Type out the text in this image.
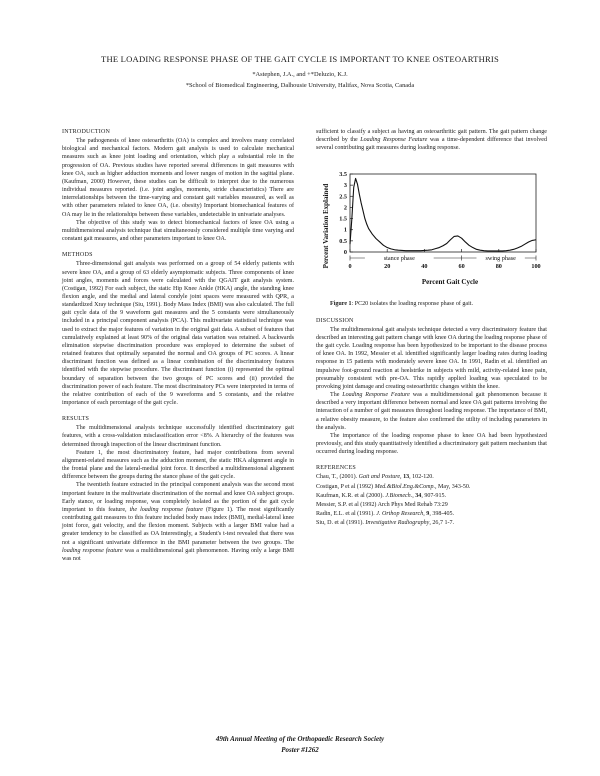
THE LOADING RESPONSE PHASE OF THE GAIT CYCLE IS IMPORTANT TO KNEE OSTEOARTHRIS
*Astephen, J.A., and +*Deluzio, K.J.
*School of Biomedical Engineering, Dalhousie University, Halifax, Nova Scotia, Canada
INTRODUCTION

The pathogenesis of knee osteoarthritis (OA) is complex and involves many correlated biological and mechanical factors. Modern gait analysis is used to calculate mechanical measures such as knee joint loading and orientation, which play a substantial role in the progression of OA. Previous studies have reported several differences in gait measures with knee OA, such as higher adduction moments and lower ranges of motion in the sagittal plane. (Kaufman, 2000) However, these studies can be difficult to interpret due to the numerous individual measures reported. (i.e. joint angles, moments, stride characteristics) There are interrelationships between the time-varying and constant gait variables measured, as well as with other parameters related to knee OA, (i.e. obesity) Important biomechanical features of OA may lie in the relationships between these variables, undetectable in univariate analyses.

The objective of this study was to detect biomechanical factors of knee OA using a multidimensional analysis technique that simultaneously considered multiple time varying and constant gait measures, and other parameters important to knee OA.

METHODS

Three-dimensional gait analysis was performed on a group of 54 elderly patients with severe knee OA, and a group of 63 elderly asymptomatic subjects. Three components of knee joint angles, moments and forces were calculated with the QGAIT gait analysis system. (Costigan, 1992) For each subject, the static Hip Knee Ankle (HKA) angle, the standing knee flexion angle, and the medial and lateral condyle joint spaces were measured with QPR, a standardized Xray technique (Siu, 1991). Body Mass Index (BMI) was also calculated. The full gait cycle data of the 9 waveform gait measures and the 5 constants were simultaneously included in a principal component analysis (PCA). This multivariate statistical technique was used to extract the major features of variation in the original gait data. A subset of features that cumulatively explained at least 90% of the original data variation was retained. A backwards elimination stepwise discrimination procedure was employed to determine the subset of retained features that optimally separated the normal and OA groups of PC scores. A linear discriminant function was defined as a linear combination of the discriminatory features identified with the stepwise procedure. The discriminant function (i) represented the optimal boundary of separation between the two groups of PC scores and (ii) provided the discrimination power of each feature. The most discriminatory PCs were interpreted in terms of the relative contribution of each of the 9 waveforms and 5 constants, and the relative importance of each percentage of the gait cycle.

RESULTS

The multidimensional analysis technique successfully identified discriminatory gait features, with a cross-validation misclassification error <8%. A hierarchy of the features was determined through inspection of the linear discriminant function.

Feature 1, the most discriminatory feature, had major contributions from several alignment-related measures such as the adduction moment, the static HKA alignment angle in the frontal plane and the lateral-medial joint force. It described a multidimensional alignment difference between the groups during the stance phase of the gait cycle.

The twentieth feature extracted in the principal component analysis was the second most important feature in the multivariate discrimination of the normal and knee OA subject groups. Early stance, or loading response, was completely isolated as the portion of the gait cycle important to this feature, the loading response feature (Figure 1). The most significantly contributing gait measures to this feature included body mass index (BMI), medial-lateral knee joint force, gait velocity, and the flexion moment. Subjects with a larger BMI value had a greater tendency to be classified as OA Interestingly, a Student's t-test revealed that there was not a significant univariate difference in the BMI parameter between the two groups. The loading response feature was a multidimensional gait phenomenon. Having only a large BMI was not

sufficient to classify a subject as having an osteoarthritic gait pattern. The gait pattern change described by the Loading Response Feature was a time-dependent difference that involved several contributing gait measures during loading response.

Percent Variation Explained
Percent Gait Cycle
0
0.5
1
1.5
2
2.5
3
3.5
0	20	40	60	80	100
stance phase	swing phase

Figure 1: PC20 isolates the loading response phase of gait.

DISCUSSION

The multidimensional gait analysis technique detected a very discriminatory feature that described an interesting gait pattern change with knee OA during the loading response phase of the gait cycle. Loading response has been hypothesized to be important to the disease process of knee OA. In 1992, Messier et al. identified significantly larger loading rates during loading response in 15 patients with moderately severe knee OA. In 1991, Radin et al. identified an impulsive foot-ground reaction at heelstrike in subjects with mild, activity-related knee pain, presumably consistent with pre-OA. This rapidly applied loading was speculated to be provoking joint damage and creating osteoarthritic changes within the knee.

The Loading Response Feature was a multidimensional gait phenomenon because it described a very important difference between normal and knee OA gait patterns involving the interaction of a number of gait measures throughout loading response. The importance of BMI, a relative obesity measure, to the feature also confirmed the utility of including parameters in the analysis.

The importance of the loading response phase to knee OA had been hypothesized previously, and this study quantitatively identified a discriminatory gait pattern mechanism that occurred during loading response.

REFERENCES

Chau, T., (2001). Gait and Posture, 13, 102-120.

Costigan, P et al (1992) Med.&Biol.Eng.&Comp., May, 343-50.

Kaufman, K.R. et al (2000). J.Biomech., 34, 907-915.

Messier, S.P. et al (1992) Arch Phys Med Rehab 73:29

Radin, E.L. et al (1991). J. Orthop Research, 9, 398-405.

Siu, D. et al (1991). Investigative Radiography, 26,7 1-7.

49th Annual Meeting of the Orthopaedic Research Society
Poster #1262
